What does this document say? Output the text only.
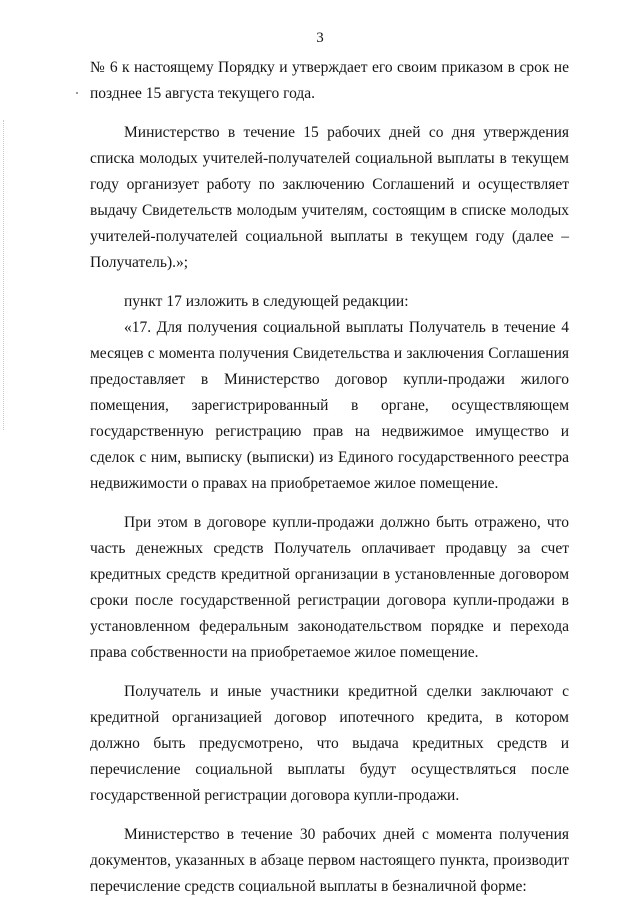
3

№ 6 к настоящему Порядку и утверждает его своим приказом в срок не позднее 15 августа текущего года.

Министерство в течение 15 рабочих дней со дня утверждения списка молодых учителей-получателей социальной выплаты в текущем году организует работу по заключению Соглашений и осуществляет выдачу Свидетельств молодым учителям, состоящим в списке молодых учителей-получателей социальной выплаты в текущем году (далее – Получатель).»;

пункт 17 изложить в следующей редакции:

«17. Для получения социальной выплаты Получатель в течение 4 месяцев с момента получения Свидетельства и заключения Соглашения предоставляет в Министерство договор купли-продажи жилого помещения, зарегистрированный в органе, осуществляющем государственную регистрацию прав на недвижимое имущество и сделок с ним, выписку (выписки) из Единого государственного реестра недвижимости о правах на приобретаемое жилое помещение.

При этом в договоре купли-продажи должно быть отражено, что часть денежных средств Получатель оплачивает продавцу за счет кредитных средств кредитной организации в установленные договором сроки после государственной регистрации договора купли-продажи в установленном федеральным законодательством порядке и перехода права собственности на приобретаемое жилое помещение.

Получатель и иные участники кредитной сделки заключают с кредитной организацией договор ипотечного кредита, в котором должно быть предусмотрено, что выдача кредитных средств и перечисление социальной выплаты будут осуществляться после государственной регистрации договора купли-продажи.

Министерство в течение 30 рабочих дней с момента получения документов, указанных в абзаце первом настоящего пункта, производит перечисление средств социальной выплаты в безналичной форме:
